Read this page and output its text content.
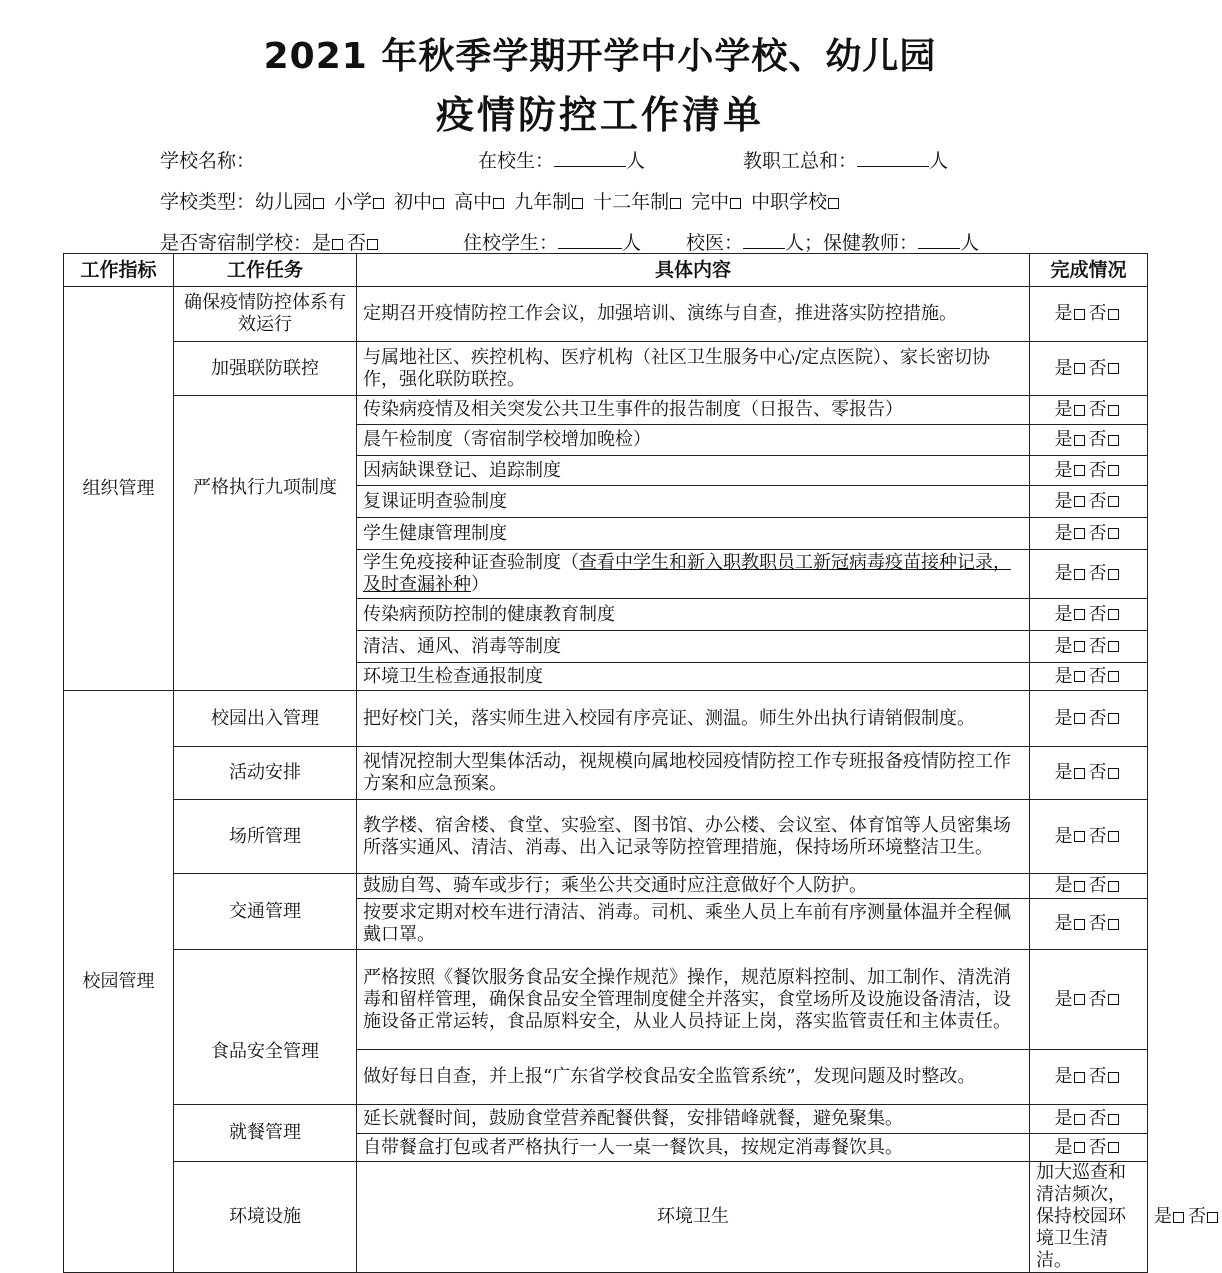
2021 年秋季学期开学中小学校、幼儿园
疫情防控工作清单
学校名称：	在校生：	人	教职工总和：	人
学校类型：幼儿园 小学 初中 高中 九年制 十二年制 完中 中职学校
是否寄宿制学校：是 否	住校学生：	人 校医： 人；保健教师： 人
工作指标	工作任务	具体内容	完成情况	
组织管理	确保疫情防控体系有效运行	定期召开疫情防控工作会议，加强培训、演练与自查，推进落实防控措施。	是 否	
	加强联防联控	与属地社区、疾控机构、医疗机构（社区卫生服务中心/定点医院）、家长密切协作，强化联防联控。	是 否	
	严格执行九项制度	传染病疫情及相关突发公共卫生事件的报告制度（日报告、零报告）	是 否	
		晨午检制度（寄宿制学校增加晚检）	是 否	
		因病缺课登记、追踪制度	是 否	
		复课证明查验制度	是 否	
		学生健康管理制度	是 否	
		学生免疫接种证查验制度（查看中学生和新入职教职员工新冠病毒疫苗接种记录，及时查漏补种）	是 否	
		传染病预防控制的健康教育制度	是 否	
		清洁、通风、消毒等制度	是 否	
		环境卫生检查通报制度	是 否	
校园管理	校园出入管理	把好校门关，落实师生进入校园有序亮证、测温。师生外出执行请销假制度。	是 否	
	活动安排	视情况控制大型集体活动，视规模向属地校园疫情防控工作专班报备疫情防控工作方案和应急预案。	是 否	
	场所管理	教学楼、宿舍楼、食堂、实验室、图书馆、办公楼、会议室、体育馆等人员密集场所落实通风、清洁、消毒、出入记录等防控管理措施，保持场所环境整洁卫生。	是 否	
	交通管理	鼓励自驾、骑车或步行；乘坐公共交通时应注意做好个人防护。	是 否	
		按要求定期对校车进行清洁、消毒。司机、乘坐人员上车前有序测量体温并全程佩戴口罩。	是 否	
	食品安全管理	严格按照《餐饮服务食品安全操作规范》操作，规范原料控制、加工制作、清洗消毒和留样管理，确保食品安全管理制度健全并落实，食堂场所及设施设备清洁，设施设备正常运转，食品原料安全，从业人员持证上岗，落实监管责任和主体责任。	是 否	
		做好每日自查，并上报“广东省学校食品安全监管系统”，发现问题及时整改。	是 否	
	就餐管理	延长就餐时间，鼓励食堂营养配餐供餐，安排错峰就餐，避免聚集。	是 否	
		自带餐盒打包或者严格执行一人一桌一餐饮具，按规定消毒餐饮具。	是 否	
	环境设施	环境卫生	加大巡查和清洁频次，保持校园环境卫生清洁。	是 否
